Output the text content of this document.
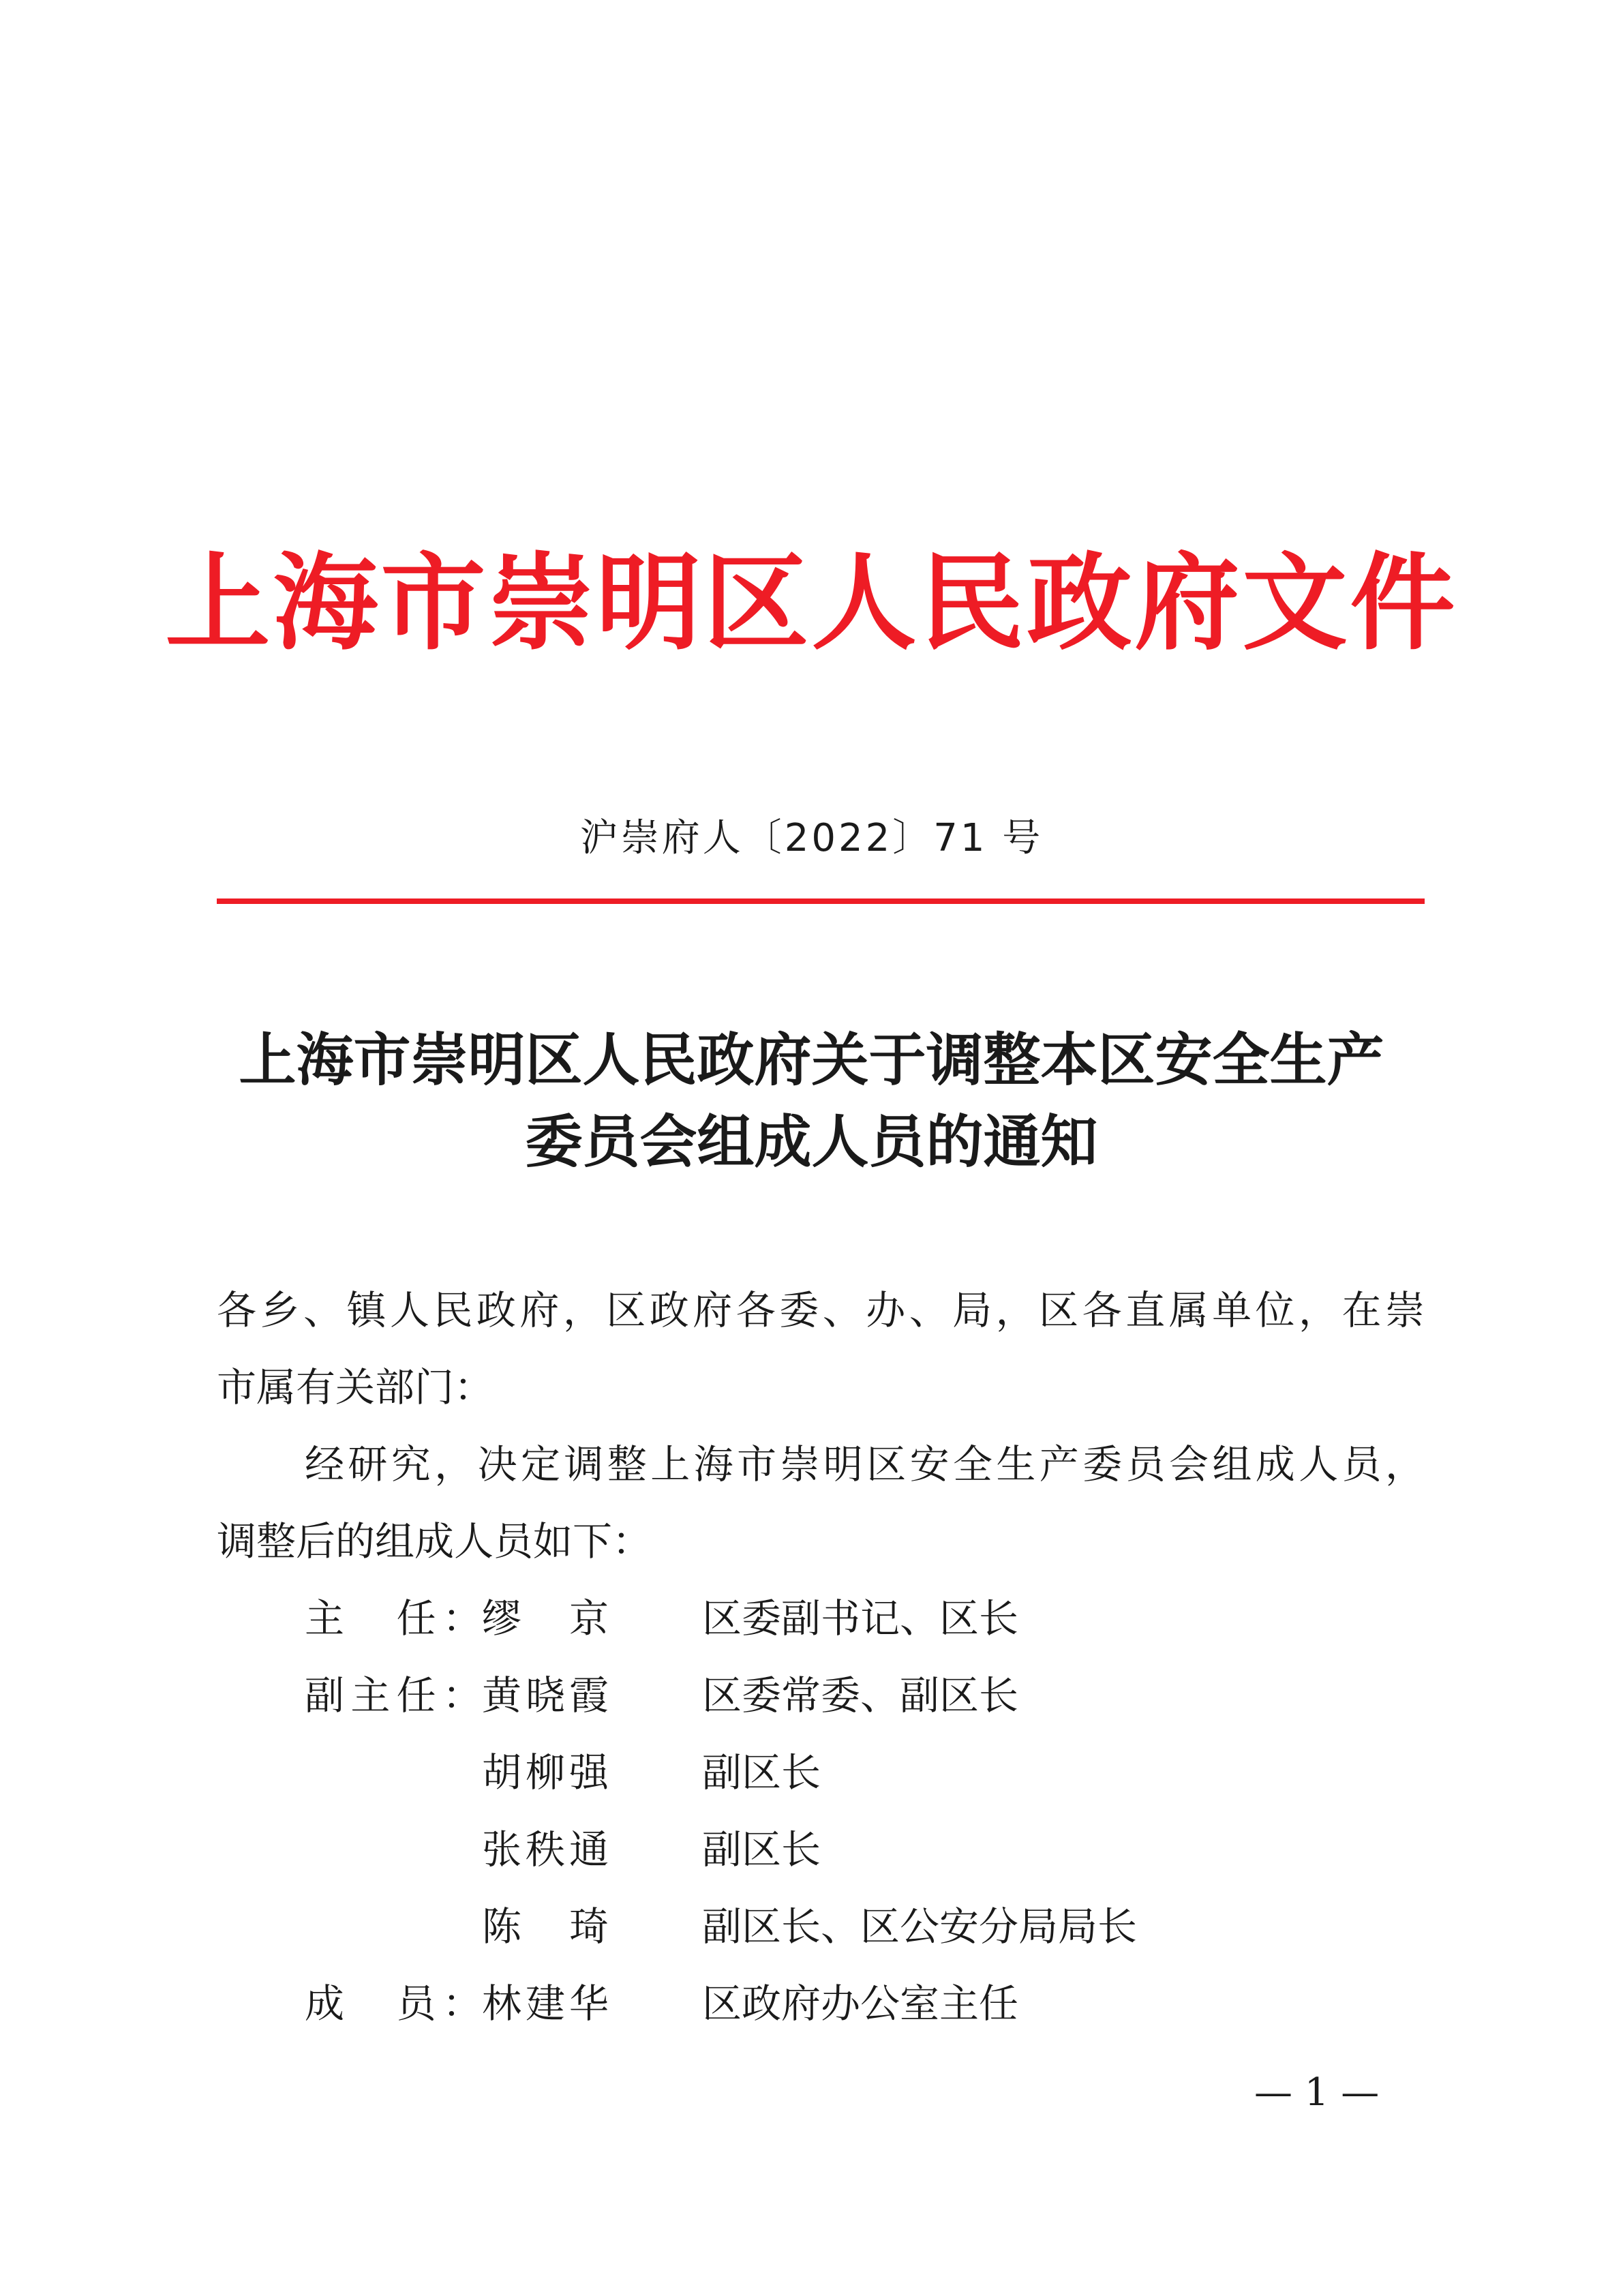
上海市崇明区人民政府文件
沪崇府人〔2022〕71 号
上海市崇明区人民政府关于调整本区安全生产
委员会组成人员的通知
各乡、镇人民政府，区政府各委、办、局，区各直属单位，在崇
市属有关部门：
经研究，决定调整上海市崇明区安全生产委员会组成人员，
调整后的组成人员如下：
主　任： 缪　京 区委副书记、区长
副主任： 黄晓霞 区委常委、副区长
胡柳强 副区长
张秩通 副区长
陈　琦 副区长、区公安分局局长
成　员： 林建华 区政府办公室主任
— 1 —
